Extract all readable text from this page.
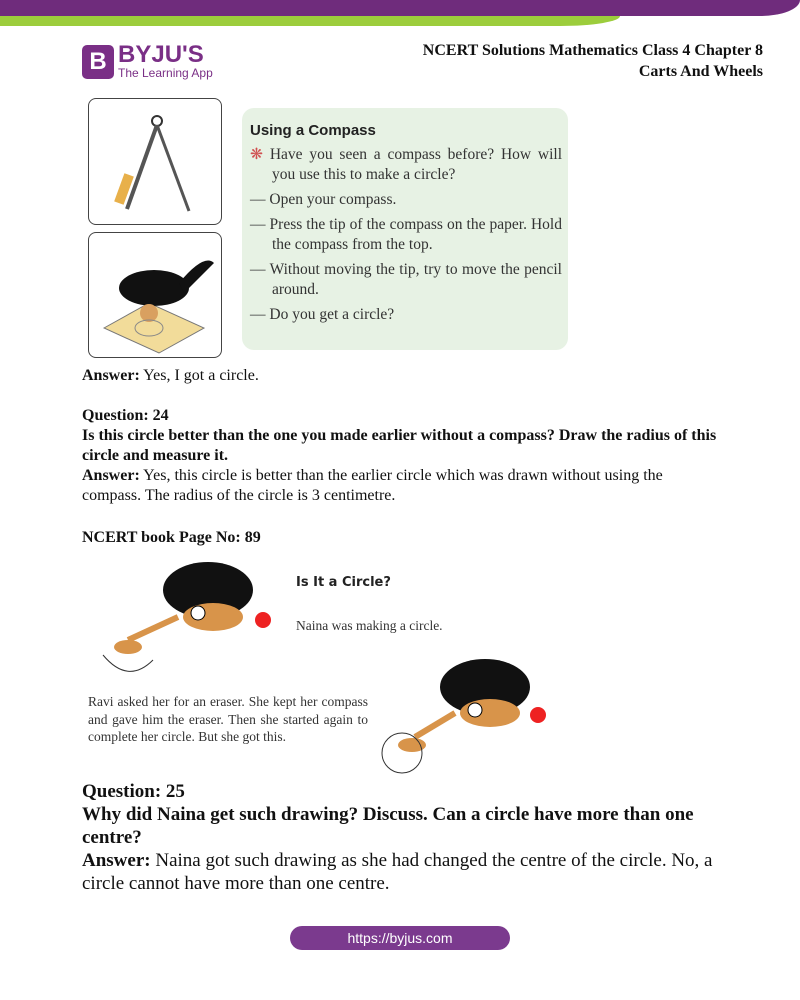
B BYJU'S
The Learning App
NCERT Solutions Mathematics Class 4 Chapter 8
Carts And Wheels
Using a Compass

❋ Have you seen a compass before? How will you use this to make a circle?

— Open your compass.

— Press the tip of the compass on the paper. Hold the compass from the top.

— Without moving the tip, try to move the pencil around.

— Do you get a circle?

Answer: Yes, I got a circle.
Question: 24
Is this circle better than the one you made earlier without a compass? Draw the radius of this circle and measure it.
Answer: Yes, this circle is better than the earlier circle which was drawn without using the compass. The radius of the circle is 3 centimetre.
NCERT book Page No: 89
Is It a Circle?
Naina was making a circle.
Ravi asked her for an eraser. She kept her compass and gave him the eraser. Then she started again to complete her circle. But she got this.
Question: 25
Why did Naina get such drawing? Discuss. Can a circle have more than one centre?
Answer: Naina got such drawing as she had changed the centre of the circle. No, a circle cannot have more than one centre.
https://byjus.com
